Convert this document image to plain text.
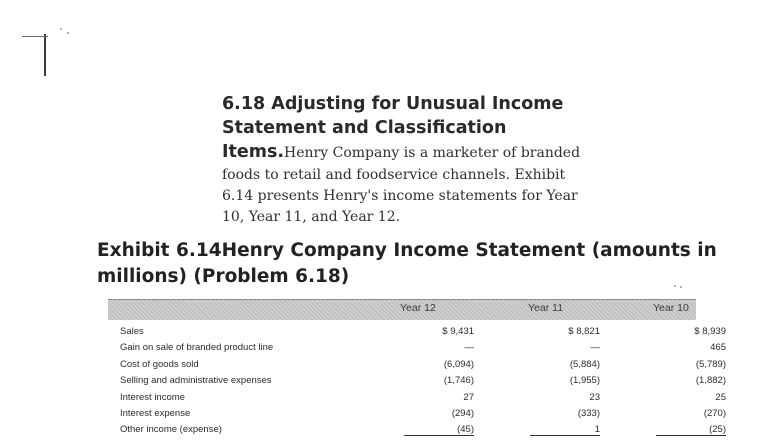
6.18 Adjusting for Unusual Income Statement and Classification Items.Henry Company is a marketer of branded foods to retail and foodservice channels. Exhibit 6.14 presents Henry's income statements for Year 10, Year 11, and Year 12.
Exhibit 6.14Henry Company Income Statement (amounts in millions) (Problem 6.18)
Year 12	Year 11	Year 10
Sales	$ 9,431	$ 8,821	$ 8,939
Gain on sale of branded product line	—	—	465
Cost of goods sold	(6,094)	(5,884)	(5,789)
Selling and administrative expenses	(1,746)	(1,955)	(1,882)
Interest income	27	23	25
Interest expense	(294)	(333)	(270)
Other income (expense)	(45)	1	(25)
